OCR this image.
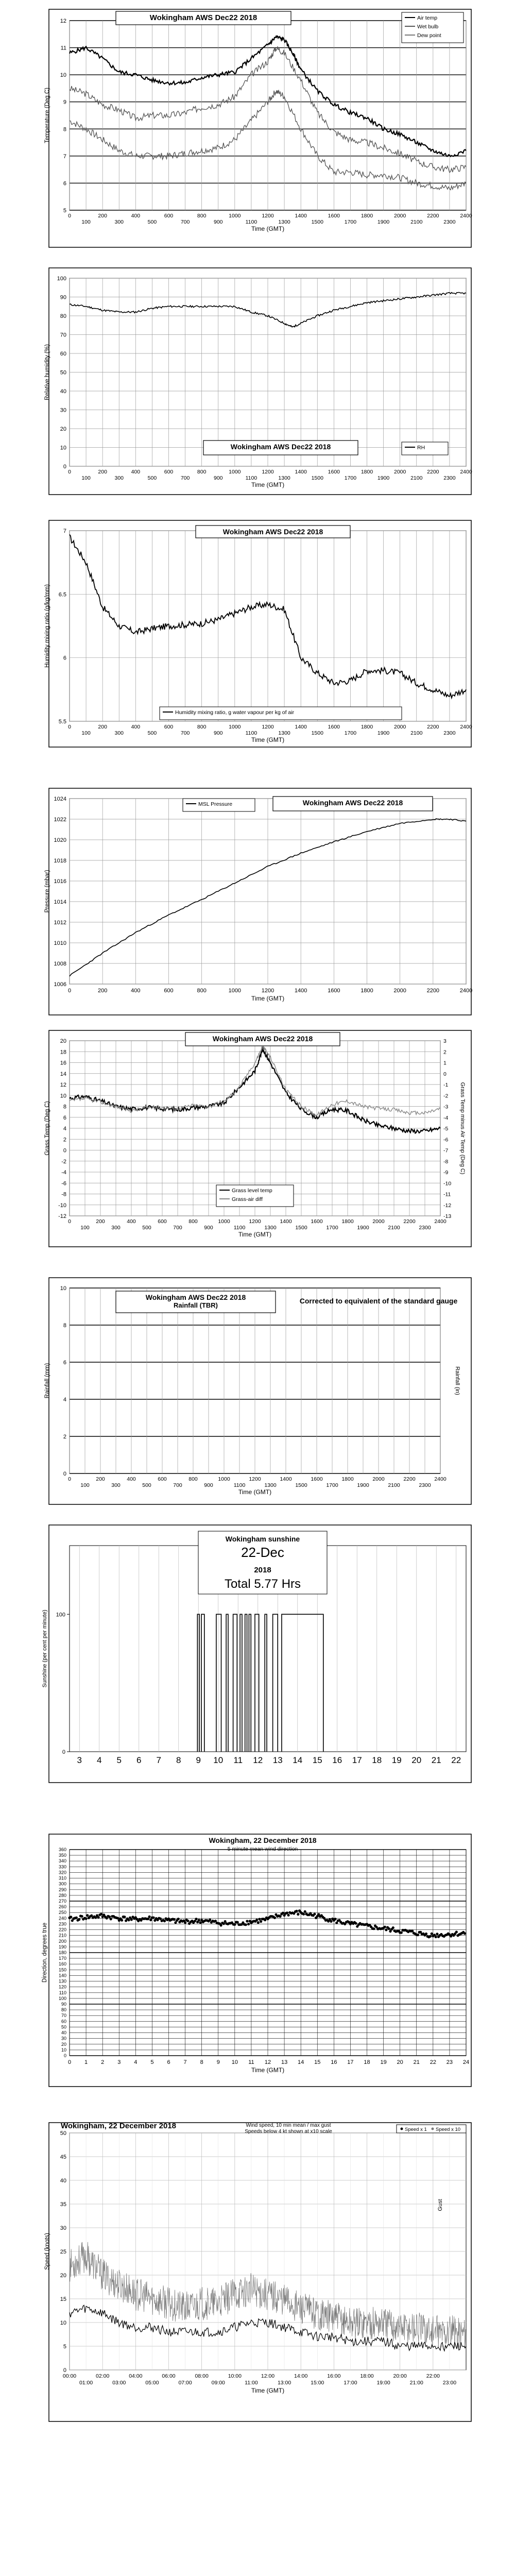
5
6
7
8
9
10
11
12
0
100
200
300
400
500
600
700
800
900
1000
1100
1200
1300
1400
1500
1600
1700
1800
1900
2000
2100
2200
2300
2400
Time (GMT)
Temperature (Deg C)
Wokingham AWS Dec22 2018	Air temp
Wet bulb
Dew point
0
10
20
30
40
50
60
70
80
90
100
0
100
200
300
400
500
600
700
800
900
1000
1100
1200
1300
1400
1500
1600
1700
1800
1900
2000
2100
2200
2300
2400
Time (GMT)
Relative humidity (%)
Wokingham AWS Dec22 2018	RH
5.5
6
6.5
7
0
100
200
300
400
500
600
700
800
900
1000
1100
1200
1300
1400
1500
1600
1700
1800
1900
2000
2100
2200
2300
2400
Time (GMT)
Humidity mixing ratio (g/kg/mm)
Wokingham AWS Dec22 2018
Humidity mixing ratio, g water vapour per kg of air
1006
1008
1010
1012
1014
1016
1018
1020
1022
1024
0	200	400	600	800	1000	1200	1400	1600	1800	2000	2200	2400
Time (GMT)
Pressure (mbar)
Wokingham AWS Dec22 2018
MSL Pressure
-12
-10
-8
-6
-4
-2
0
2
4
6
8
10
12
14
16
18
20
0
100
200
300
400
500
600
700
800
900
1000
1100
1200
1300
1400
1500
1600
1700
1800
1900
2000
2100
2200
2300
2400
Time (GMT)
Grass Temp (Deg C)
-13
-12
-11
-10
-9
-8
-7
-6
-5
-4
-3
-2
-1
0
1
2
3
Grass Temp minus Air Temp (Deg C)
Wokingham AWS Dec22 2018
Grass level temp
Grass-air diff
0
2
4
6
8
10
0
100
200
300
400
500
600
700
800
900
1000
1100
1200
1300
1400
1500
1600
1700
1800
1900
2000
2100
2200
2300
2400
Time (GMT)
Rainfall (mm)	Rainfall (in)
Wokingham AWS Dec22 2018
Rainfall (TBR)
Corrected to equivalent of the standard gauge
3 4 5 6 7 8 9 10 11 12 13 14 15 16 17 18 19 20 21 22
0
100
Sunshine (per cent per minute)
Wokingham sunshine
22-Dec
2018
Total 5.77 Hrs
0
10
20
30
40
50
60
70
80
90
100
110
120
130
140
150
160
170
180
190
200
210
220
230
240
250
260
270
280
290
300
310
320
330
340
350
360
0 1 2 3 4 5 6 7 8 9 10 11 12 13 14 15 16 17 18 19 20 21 22 23 24
Time (GMT)
Direction, degrees true
Wokingham, 22 December 2018
5 minute mean wind direction
0
5
10
15
20
25
30
35
40
45
50
00:00	02:00	04:00	06:00	08:00	10:00	12:00	14:00	16:00	18:00	20:00	22:00
01:00	03:00	05:00	07:00	09:00	11:00	13:00	15:00	17:00	19:00	21:00	23:00
Time (GMT)
Speed (knots)
Wokingham, 22 December 2018	Wind speed, 10 min mean / max gust
Speeds below 4 kt shown at x10 scale	Speed x 1 Speed x 10
Gust
